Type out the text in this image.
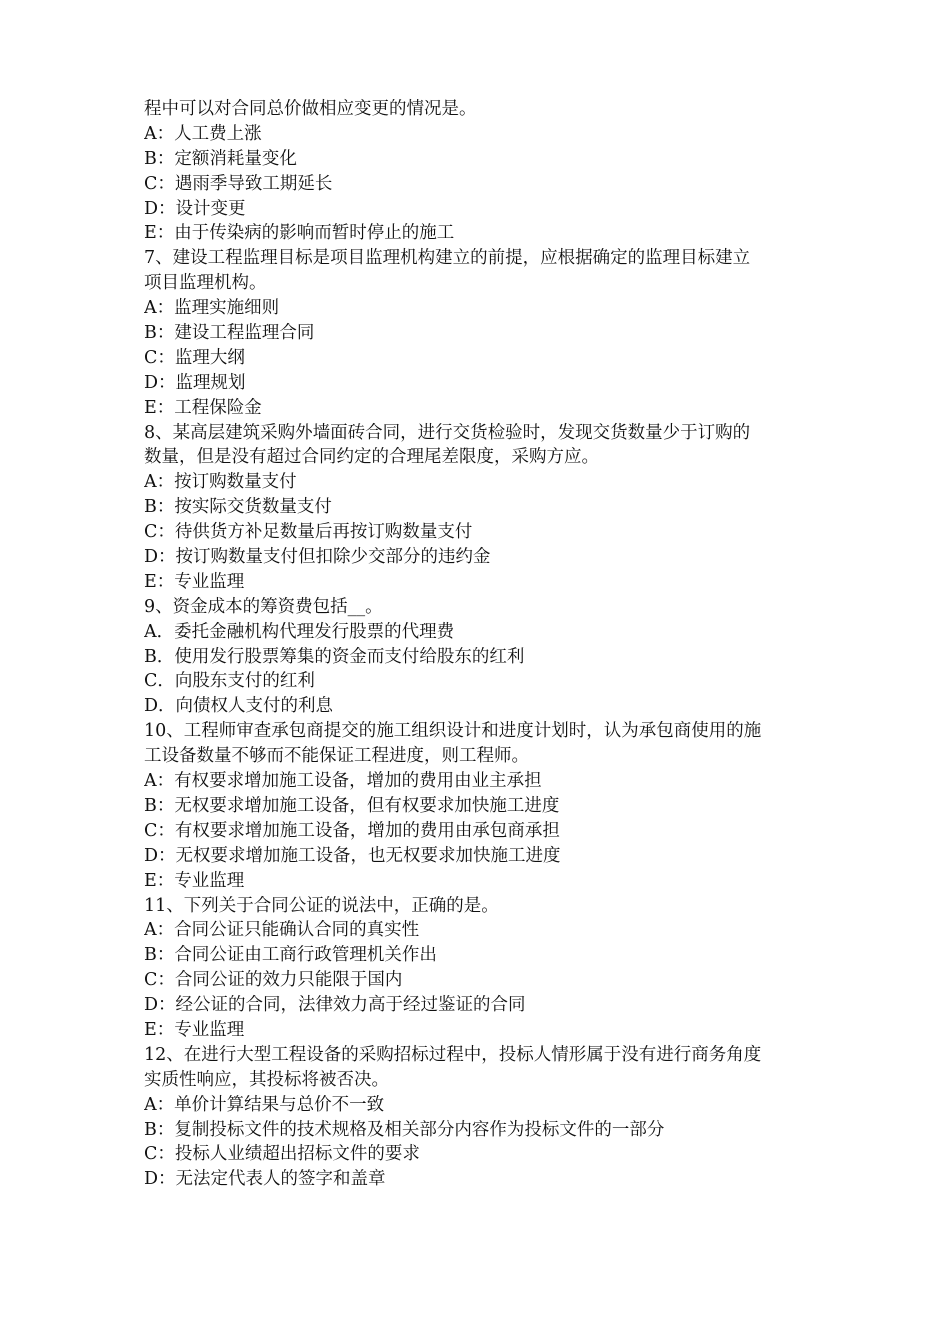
程中可以对合同总价做相应变更的情况是。
A：人工费上涨
B：定额消耗量变化
C：遇雨季导致工期延长
D：设计变更
E：由于传染病的影响而暂时停止的施工
7、建设工程监理目标是项目监理机构建立的前提，应根据确定的监理目标建立
项目监理机构。
A：监理实施细则
B：建设工程监理合同
C：监理大纲
D：监理规划
E：工程保险金
8、某高层建筑采购外墙面砖合同，进行交货检验时，发现交货数量少于订购的
数量，但是没有超过合同约定的合理尾差限度，采购方应。
A：按订购数量支付
B：按实际交货数量支付
C：待供货方补足数量后再按订购数量支付
D：按订购数量支付但扣除少交部分的违约金
E：专业监理
9、资金成本的筹资费包括__。
A．委托金融机构代理发行股票的代理费
B．使用发行股票筹集的资金而支付给股东的红利
C．向股东支付的红利
D．向债权人支付的利息
10、工程师审查承包商提交的施工组织设计和进度计划时，认为承包商使用的施
工设备数量不够而不能保证工程进度，则工程师。
A：有权要求增加施工设备，增加的费用由业主承担
B：无权要求增加施工设备，但有权要求加快施工进度
C：有权要求增加施工设备，增加的费用由承包商承担
D：无权要求增加施工设备，也无权要求加快施工进度
E：专业监理
11、下列关于合同公证的说法中，正确的是。
A：合同公证只能确认合同的真实性
B：合同公证由工商行政管理机关作出
C：合同公证的效力只能限于国内
D：经公证的合同，法律效力高于经过鉴证的合同
E：专业监理
12、在进行大型工程设备的采购招标过程中，投标人情形属于没有进行商务角度
实质性响应，其投标将被否决。
A：单价计算结果与总价不一致
B：复制投标文件的技术规格及相关部分内容作为投标文件的一部分
C：投标人业绩超出招标文件的要求
D：无法定代表人的签字和盖章
